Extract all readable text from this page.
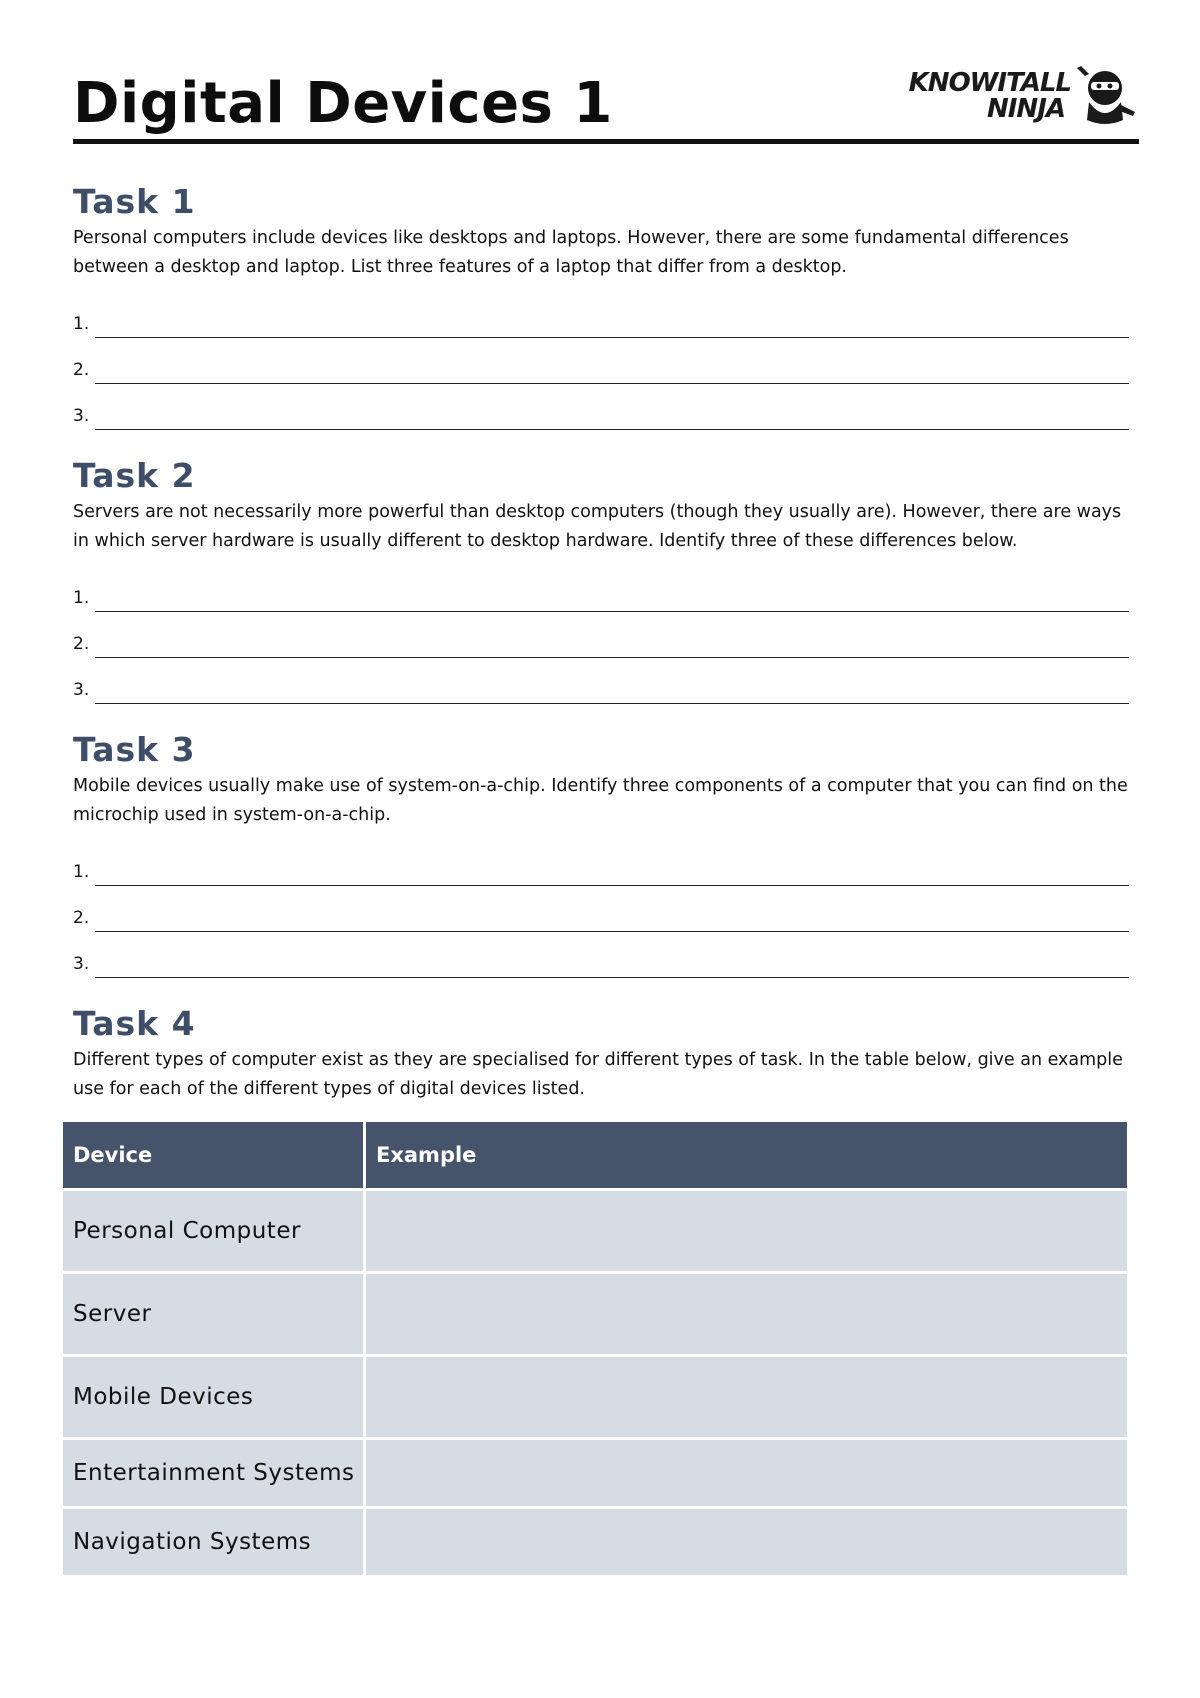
Digital Devices 1	KNOWITALL
NINJA
Task 1
Personal computers include devices like desktops and laptops. However, there are some fundamental differences between a desktop and laptop. List three features of a laptop that differ from a desktop.
1.
2.
3.
Task 2
Servers are not necessarily more powerful than desktop computers (though they usually are). However, there are ways in which server hardware is usually different to desktop hardware. Identify three of these differences below.
1.
2.
3.
Task 3
Mobile devices usually make use of system-on-a-chip. Identify three components of a computer that you can find on the microchip used in system-on-a-chip.
1.
2.
3.
Task 4
Different types of computer exist as they are specialised for different types of task. In the table below, give an example use for each of the different types of digital devices listed.
Device	Example
Personal Computer
Server
Mobile Devices
Entertainment Systems
Navigation Systems
